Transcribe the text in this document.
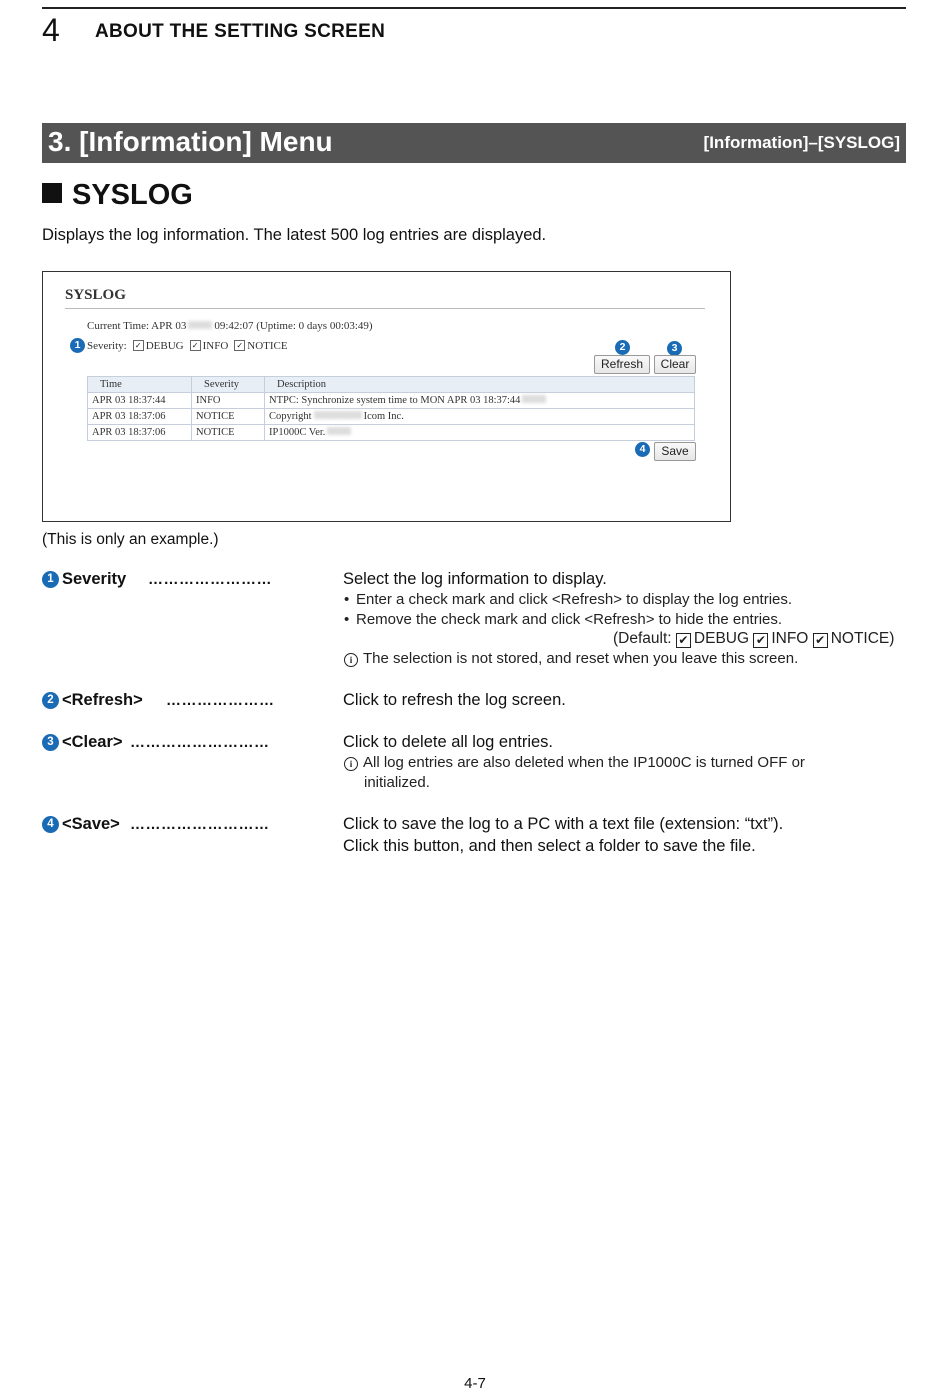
4 ABOUT THE SETTING SCREEN
3. [Information] Menu	[Information]–[SYSLOG]
SYSLOG
Displays the log information. The latest 500 log entries are displayed.
SYSLOG
Current Time: APR 03	09:42:07 (Uptime: 0 days 00:03:49)
1 Severity: ✓ DEBUG ✓ INFO ✓ NOTICE	2	3
Refresh	Clear
Time	Severity	Description
APR 03 18:37:44	INFO	NTPC: Synchronize system time to MON APR 03 18:37:44
APR 03 18:37:06	NOTICE	Copyright Icom Inc.
APR 03 18:37:06	NOTICE	IP1000C Ver.
4	Save
(This is only an example.)
1 Severity ……………………	Select the log information to display.
• Enter a check mark and click <Refresh> to display the log entries.
• Remove the check mark and click <Refresh> to hide the entries.
(Default: ✔ DEBUG ✔ INFO ✔ NOTICE)
i The selection is not stored, and reset when you leave this screen.
2 <Refresh> …………………	Click to refresh the log screen.
3 <Clear> ………………………	Click to delete all log entries.
i All log entries are also deleted when the IP1000C is turned OFF or
initialized.
4 <Save> ………………………	Click to save the log to a PC with a text file (extension: “txt”).
Click this button, and then select a folder to save the file.
4-7
